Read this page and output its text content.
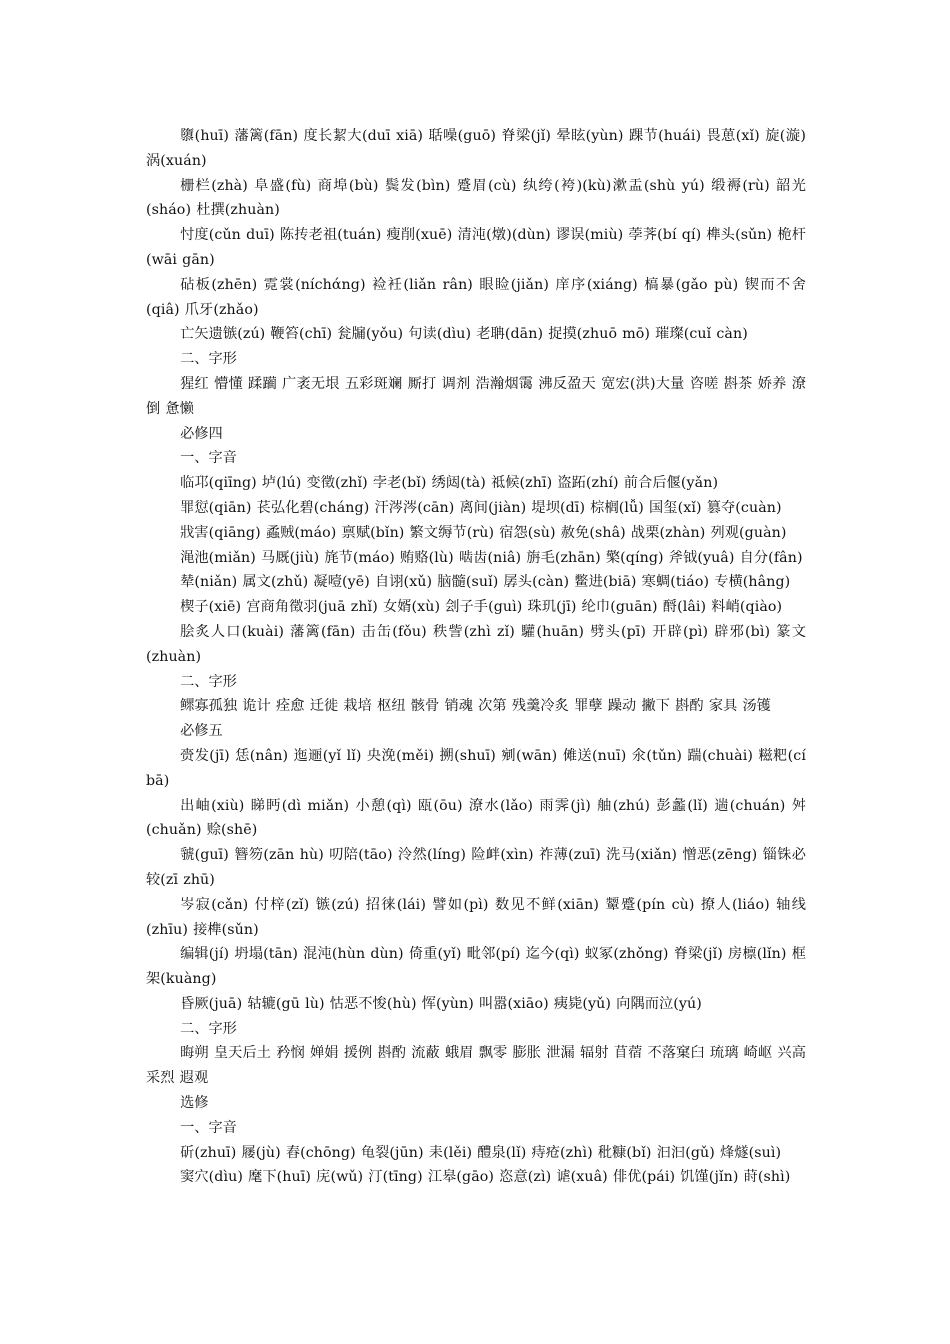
隳(huī) 藩篱(fān) 度长絜大(duī xiā) 聒噪(guō) 脊梁(jǐ) 晕眩(yùn) 踝节(huái) 畏葸(xǐ) 旋(漩)涡(xuán)

栅栏(zhà) 阜盛(fù) 商埠(bù) 鬓发(bìn) 蹙眉(cù) 纨绔(袴)(kù)漱盂(shù yú) 缎褥(rù) 韶光(sháo) 杜撰(zhuàn)

忖度(cǔn duī) 陈抟老祖(tuán) 瘦削(xuē) 清沌(燉)(dùn) 谬误(miù) 荸荠(bí qí) 榫头(sǔn) 桅杆(wāi gān)

砧板(zhēn) 霓裳(níchάng) 裣衽(liǎn rân) 眼睑(jiǎn) 庠序(xiáng) 槁暴(gǎo pù) 锲而不舍(qiâ) 爪牙(zhǎo)

亡矢遗镞(zú) 鞭笞(chī) 瓮牖(yǒu) 句读(dìu) 老聃(dān) 捉摸(zhuō mō) 璀璨(cuǐ càn)

二、字形

猩红 懵懂 蹂躏 广袤无垠 五彩斑斓 厮打 调剂 浩瀚烟霭 沸反盈天 宽宏(洪)大量 咨嗟 斟茶 娇养 潦倒 惫懒

必修四

一、字音

临邛(qiīng) 垆(lú) 变徵(zhǐ) 孛老(bǐ) 绣闼(tà) 祗候(zhī) 盗跖(zhí) 前合后偃(yǎn)

罪愆(qiān) 苌弘化碧(cháng) 汗涔涔(cān) 离间(jiàn) 堤坝(dī) 棕榈(lǚ) 国玺(xǐ) 篡夺(cuàn)

戕害(qiāng) 蟊贼(máo) 禀赋(bǐn) 繁文缛节(rù) 宿怨(sù) 赦免(shâ) 战栗(zhàn) 列观(guàn)

渑池(miǎn) 马厩(jiù) 旄节(máo) 贿赂(lù) 啮齿(niâ) 旃毛(zhān) 檠(qíng) 斧钺(yuâ) 自分(fân)

辇(niǎn) 属文(zhǔ) 凝噎(yē) 自诩(xǔ) 脑髓(suǐ) 孱头(càn) 鳖进(biā) 寒蜩(tiáo) 专横(hâng)

楔子(xiē) 宫商角徵羽(juā zhǐ) 女婿(xù) 刽子手(guì) 珠玑(jī) 纶巾(guān) 酹(lâi) 料峭(qiào)

脍炙人口(kuài) 藩篱(fān) 击缶(fǒu) 秩訾(zhì zǐ) 驩(huān) 劈头(pī) 开辟(pì) 辟邪(bì) 篆文(zhuàn)

二、字形

鳏寡孤独 诡计 痊愈 迁徙 栽培 枢纽 骸骨 销魂 次第 残羹冷炙 罪孽 躁动 撇下 斟酌 家具 汤镬

必修五

赍发(jī) 恁(nân) 迤逦(yǐ lǐ) 央浼(měi) 搠(shuī) 剜(wān) 傩送(nuī) 氽(tǔn) 踹(chuài) 糍粑(cí bā)

出岫(xiù) 睇眄(dì miǎn) 小憩(qì) 瓯(ōu) 潦水(lǎo) 雨霁(jì) 舳(zhú) 彭蠡(lǐ) 遄(chuán) 舛(chuǎn) 赊(shē)

虢(guī) 簪笏(zān hù) 叨陪(tāo) 泠然(líng) 险衅(xìn) 祚薄(zuī) 洗马(xiǎn) 憎恶(zēng) 锱铢必较(zī zhū)

岑寂(cǎn) 付梓(zǐ) 镞(zú) 招徕(lái) 譬如(pì) 数见不鲜(xiān) 颦蹙(pín cù) 撩人(liáo) 轴线(zhīu) 接榫(sǔn)

编辑(jí) 坍塌(tān) 混沌(hùn dùn) 倚重(yǐ) 毗邻(pí) 迄今(qì) 蚁冢(zhǒng) 脊梁(jǐ) 房檩(lǐn) 框架(kuàng)

昏厥(juā) 轱辘(gū lù) 怙恶不悛(hù) 恽(yùn) 叫嚣(xiāo) 痍毙(yǔ) 向隅而泣(yú)

二、字形

晦朔 皇天后土 矜悯 婵娟 援例 斟酌 流蔽 蛾眉 飘零 膨胀 泄漏 辐射 苜蓿 不落窠臼 琉璃 崎岖 兴高采烈 遐观

选修

一、字音

斫(zhuī) 屦(jù) 舂(chōng) 龟裂(jūn) 耒(lěi) 醴泉(lǐ) 痔疮(zhì) 秕糠(bǐ) 汩汩(gǔ) 烽燧(suì)

窦穴(dìu) 麾下(huī) 庑(wǔ) 汀(tīng) 江皋(gāo) 恣意(zì) 谑(xuâ) 俳优(pái) 饥馑(jǐn) 莳(shì)
